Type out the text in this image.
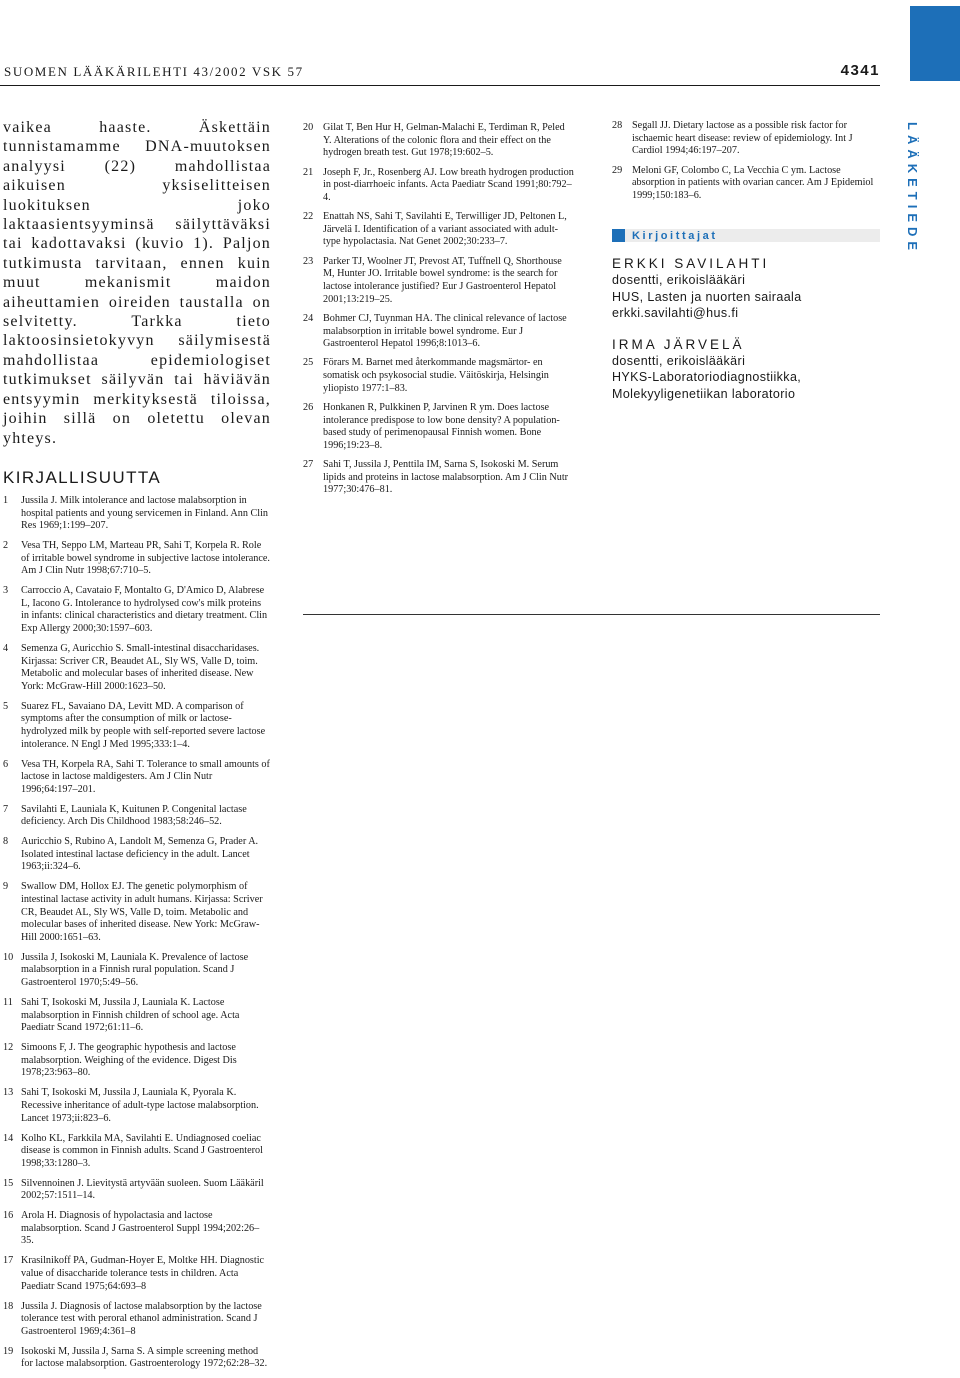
SUOMEN LÄÄKÄRILEHTI 43/2002 VSK 57	4341
LÄÄKETIEDE

vaikea haaste. Äskettäin tunnistamamme DNA-muutoksen analyysi (22) mahdollistaa aikuisen yksiselitteisen luokituksen joko laktaasientsyyminsä säilyttäväksi tai kadottavaksi (kuvio 1). Paljon tutkimusta tarvitaan, ennen kuin muut mekanismit maidon aiheuttamien oireiden taustalla on selvitetty. Tarkka tieto laktoosinsietokyvyn säilymisestä mahdollistaa epidemiologiset tutkimukset säilyvän tai häviävän entsyymin merkityksestä tiloissa, joihin sillä on oletettu olevan yhteys.

KIRJALLISUUTTA
1 Jussila J. Milk intolerance and lactose malabsorption in hospital patients and young servicemen in Finland. Ann Clin Res 1969;1:199–207.
2 Vesa TH, Seppo LM, Marteau PR, Sahi T, Korpela R. Role of irritable bowel syndrome in subjective lactose intolerance. Am J Clin Nutr 1998;67:710–5.
3 Carroccio A, Cavataio F, Montalto G, D'Amico D, Alabrese L, Iacono G. Intolerance to hydrolysed cow's milk proteins in infants: clinical characteristics and dietary treatment. Clin Exp Allergy 2000;30:1597–603.
4 Semenza G, Auricchio S. Small-intestinal disaccharidases. Kirjassa: Scriver CR, Beaudet AL, Sly WS, Valle D, toim. Metabolic and molecular bases of inherited disease. New York: McGraw-Hill 2000:1623–50.
5 Suarez FL, Savaiano DA, Levitt MD. A comparison of symptoms after the consumption of milk or lactose-hydrolyzed milk by people with self-reported severe lactose intolerance. N Engl J Med 1995;333:1–4.
6 Vesa TH, Korpela RA, Sahi T. Tolerance to small amounts of lactose in lactose maldigesters. Am J Clin Nutr 1996;64:197–201.
7 Savilahti E, Launiala K, Kuitunen P. Congenital lactase deficiency. Arch Dis Childhood 1983;58:246–52.
8 Auricchio S, Rubino A, Landolt M, Semenza G, Prader A. Isolated intestinal lactase deficiency in the adult. Lancet 1963;ii:324–6.
9 Swallow DM, Hollox EJ. The genetic polymorphism of intestinal lactase activity in adult humans. Kirjassa: Scriver CR, Beaudet AL, Sly WS, Valle D, toim. Metabolic and molecular bases of inherited disease. New York: McGraw-Hill 2000:1651–63.
10 Jussila J, Isokoski M, Launiala K. Prevalence of lactose malabsorption in a Finnish rural population. Scand J Gastroenterol 1970;5:49–56.
11 Sahi T, Isokoski M, Jussila J, Launiala K. Lactose malabsorption in Finnish children of school age. Acta Paediatr Scand 1972;61:11–6.
12 Simoons F, J. The geographic hypothesis and lactose malabsorption. Weighing of the evidence. Digest Dis 1978;23:963–80.
13 Sahi T, Isokoski M, Jussila J, Launiala K, Pyorala K. Recessive inheritance of adult-type lactose malabsorption. Lancet 1973;ii:823–6.
14 Kolho KL, Farkkila MA, Savilahti E. Undiagnosed coeliac disease is common in Finnish adults. Scand J Gastroenterol 1998;33:1280–3.
15 Silvennoinen J. Lievitystä artyvään suoleen. Suom Lääkäril 2002;57:1511–14.
16 Arola H. Diagnosis of hypolactasia and lactose malabsorption. Scand J Gastroenterol Suppl 1994;202:26–35.
17 Krasilnikoff PA, Gudman-Hoyer E, Moltke HH. Diagnostic value of disaccharide tolerance tests in children. Acta Paediatr Scand 1975;64:693–8
18 Jussila J. Diagnosis of lactose malabsorption by the lactose tolerance test with peroral ethanol administration. Scand J Gastroenterol 1969;4:361–8
19 Isokoski M, Jussila J, Sarna S. A simple screening method for lactose malabsorption. Gastroenterology 1972;62:28–32.
20 Gilat T, Ben Hur H, Gelman-Malachi E, Terdiman R, Peled Y. Alterations of the colonic flora and their effect on the hydrogen breath test. Gut 1978;19:602–5.
21 Joseph F, Jr., Rosenberg AJ. Low breath hydrogen production in post-diarrhoeic infants. Acta Paediatr Scand 1991;80:792–4.
22 Enattah NS, Sahi T, Savilahti E, Terwilliger JD, Peltonen L, Järvelä I. Identification of a variant associated with adult-type hypolactasia. Nat Genet 2002;30:233–7.
23 Parker TJ, Woolner JT, Prevost AT, Tuffnell Q, Shorthouse M, Hunter JO. Irritable bowel syndrome: is the search for lactose intolerance justified? Eur J Gastroenterol Hepatol 2001;13:219–25.
24 Bohmer CJ, Tuynman HA. The clinical relevance of lactose malabsorption in irritable bowel syndrome. Eur J Gastroenterol Hepatol 1996;8:1013–6.
25 Förars M. Barnet med återkommande magsmärtor- en somatisk och psykosocial studie. Väitöskirja, Helsingin yliopisto 1977:1–83.
26 Honkanen R, Pulkkinen P, Jarvinen R ym. Does lactose intolerance predispose to low bone density? A population-based study of perimenopausal Finnish women. Bone 1996;19:23–8.
27 Sahi T, Jussila J, Penttila IM, Sarna S, Isokoski M. Serum lipids and proteins in lactose malabsorption. Am J Clin Nutr 1977;30:476–81.
28 Segall JJ. Dietary lactose as a possible risk factor for ischaemic heart disease: review of epidemiology. Int J Cardiol 1994;46:197–207.
29 Meloni GF, Colombo C, La Vecchia C ym. Lactose absorption in patients with ovarian cancer. Am J Epidemiol 1999;150:183–6.
Kirjoittajat
ERKKI SAVILAHTI
dosentti, erikoislääkäri
HUS, Lasten ja nuorten sairaala
erkki.savilahti@hus.fi
IRMA JÄRVELÄ
dosentti, erikoislääkäri
HYKS-Laboratoriodiagnostiikka,
Molekyyligenetiikan laboratorio
